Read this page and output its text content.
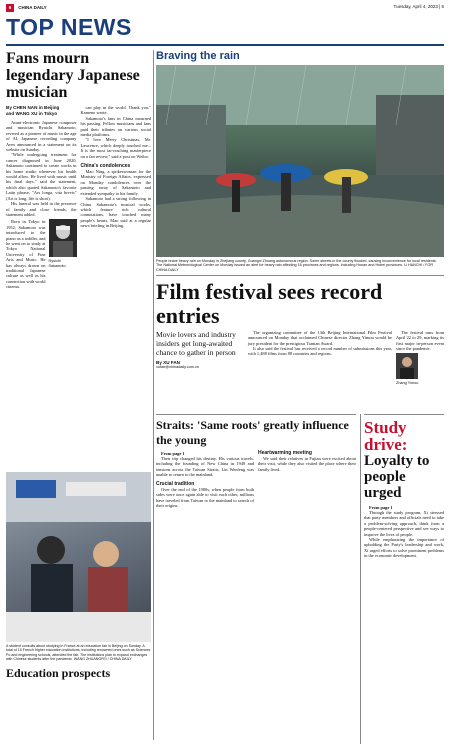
6 CHINA DAILY	Tuesday, April 4, 2023 | 6
TOP NEWS
Fans mourn legendary Japanese musician
By CHEN NAN in Beijing
and WANG XU in Tokyo

Avant-electronic Japanese composer and musician Ryuichi Sakamoto, revered as a pioneer of music in the age of AI, Japanese recording company Avex announced in a statement on its website on Sunday.

"While undergoing treatment for cancer diagnosed in June 2020, Sakamoto continued to create works in his home studio whenever his health would allow. He lived with music until his final days," said the statement, which also quoted Sakamoto's favorite Latin phrase, "Ars longa, vita brevis" (Art is long, life is short).

His funeral was held in the presence of family and close friends, the statement added.

Born in Tokyo in 1952, Sakamoto was introduced to the piano as a toddler, and he went on to study at Tokyo National University of Fine Arts and Music. He has always drawn on traditional Japanese culture as well as his connection with world cinema.

Ryuichi Sakamoto

can play in the world. Thank you," Kameno wrote.

Sakamoto's fans in China mourned his passing. Fellow musicians and fans paid their tributes on various social media platforms.

"I love Merry Christmas, Mr. Lawrence, which deeply touched me... It is the most far-reaching masterpiece on a fan review," said a post on Weibo.

China's condolences

Mao Ning, a spokeswoman for the Ministry of Foreign Affairs, expressed on Monday condolences over the passing away of Sakamoto and extended sympathy to his family.

Sakamoto had a strong following in China. Sakamoto's musical works, which feature rich cultural connotations, have touched many people's hearts, Mao said at a regular news briefing in Beijing.

A student consults about studying in France at an education fair in Beijing on Sunday. A total of 15 French higher education institutions, including renowned ones such as Sciences Po and engineering schools, attended the fair. The institutions plan to expand exchanges with Chinese students after the pandemic. WANG ZHUANGFEI / CHINA DAILY
Education prospects
Braving the rain
People brave heavy rain on Monday in Zhejiang county, Guangxi Zhuang autonomous region. Some streets in the county flooded, causing inconvenience for local residents. The National Meteorological Center on Monday issued an alert for heavy rain affecting 16 provinces and regions, including Hunan and Hubei provinces. LI HANCHI / FOR CHINA DAILY
Film festival sees record entries
Movie lovers and industry insiders get long-awaited chance to gather in person
By XU FAN
xufan@chinadaily.com.cn

The organizing committee of the 13th Beijing International Film Festival announced on Monday that acclaimed Chinese director Zhang Yimou would be jury president for the prestigious Tiantan Award.

It also said the festival has received a record number of submissions this year, with 1,488 films from 88 countries and regions.

The festival runs from April 22 to 29, marking its first major in-person event since the pandemic.

Zhang Yimou
Straits: 'Same roots' greatly influence the young

From page 1

Their trip changed his destiny. His various travels, including the founding of New China in 1949 and tensions across the Taiwan Straits, Lin Wenfeng was unable to return to the mainland.

Crucial tradition

Over the end of the 1980s, when people from both sides were once again able to visit each other, millions have traveled from Taiwan to the mainland to search of their origins.

Heartwarming meeting

We said their relatives in Fujian were excited about their visit, while they also visited the place where their family lived.

Study drive:
Loyalty to people urged

From page 1

Through the study program, Xi stressed that party members and officials need to take a problem-solving approach, think from a people-centered perspective and see ways to improve the lives of people.

While emphasizing the importance of upholding the Party's leadership and work, Xi urged efforts to solve prominent problems in the economic development.
